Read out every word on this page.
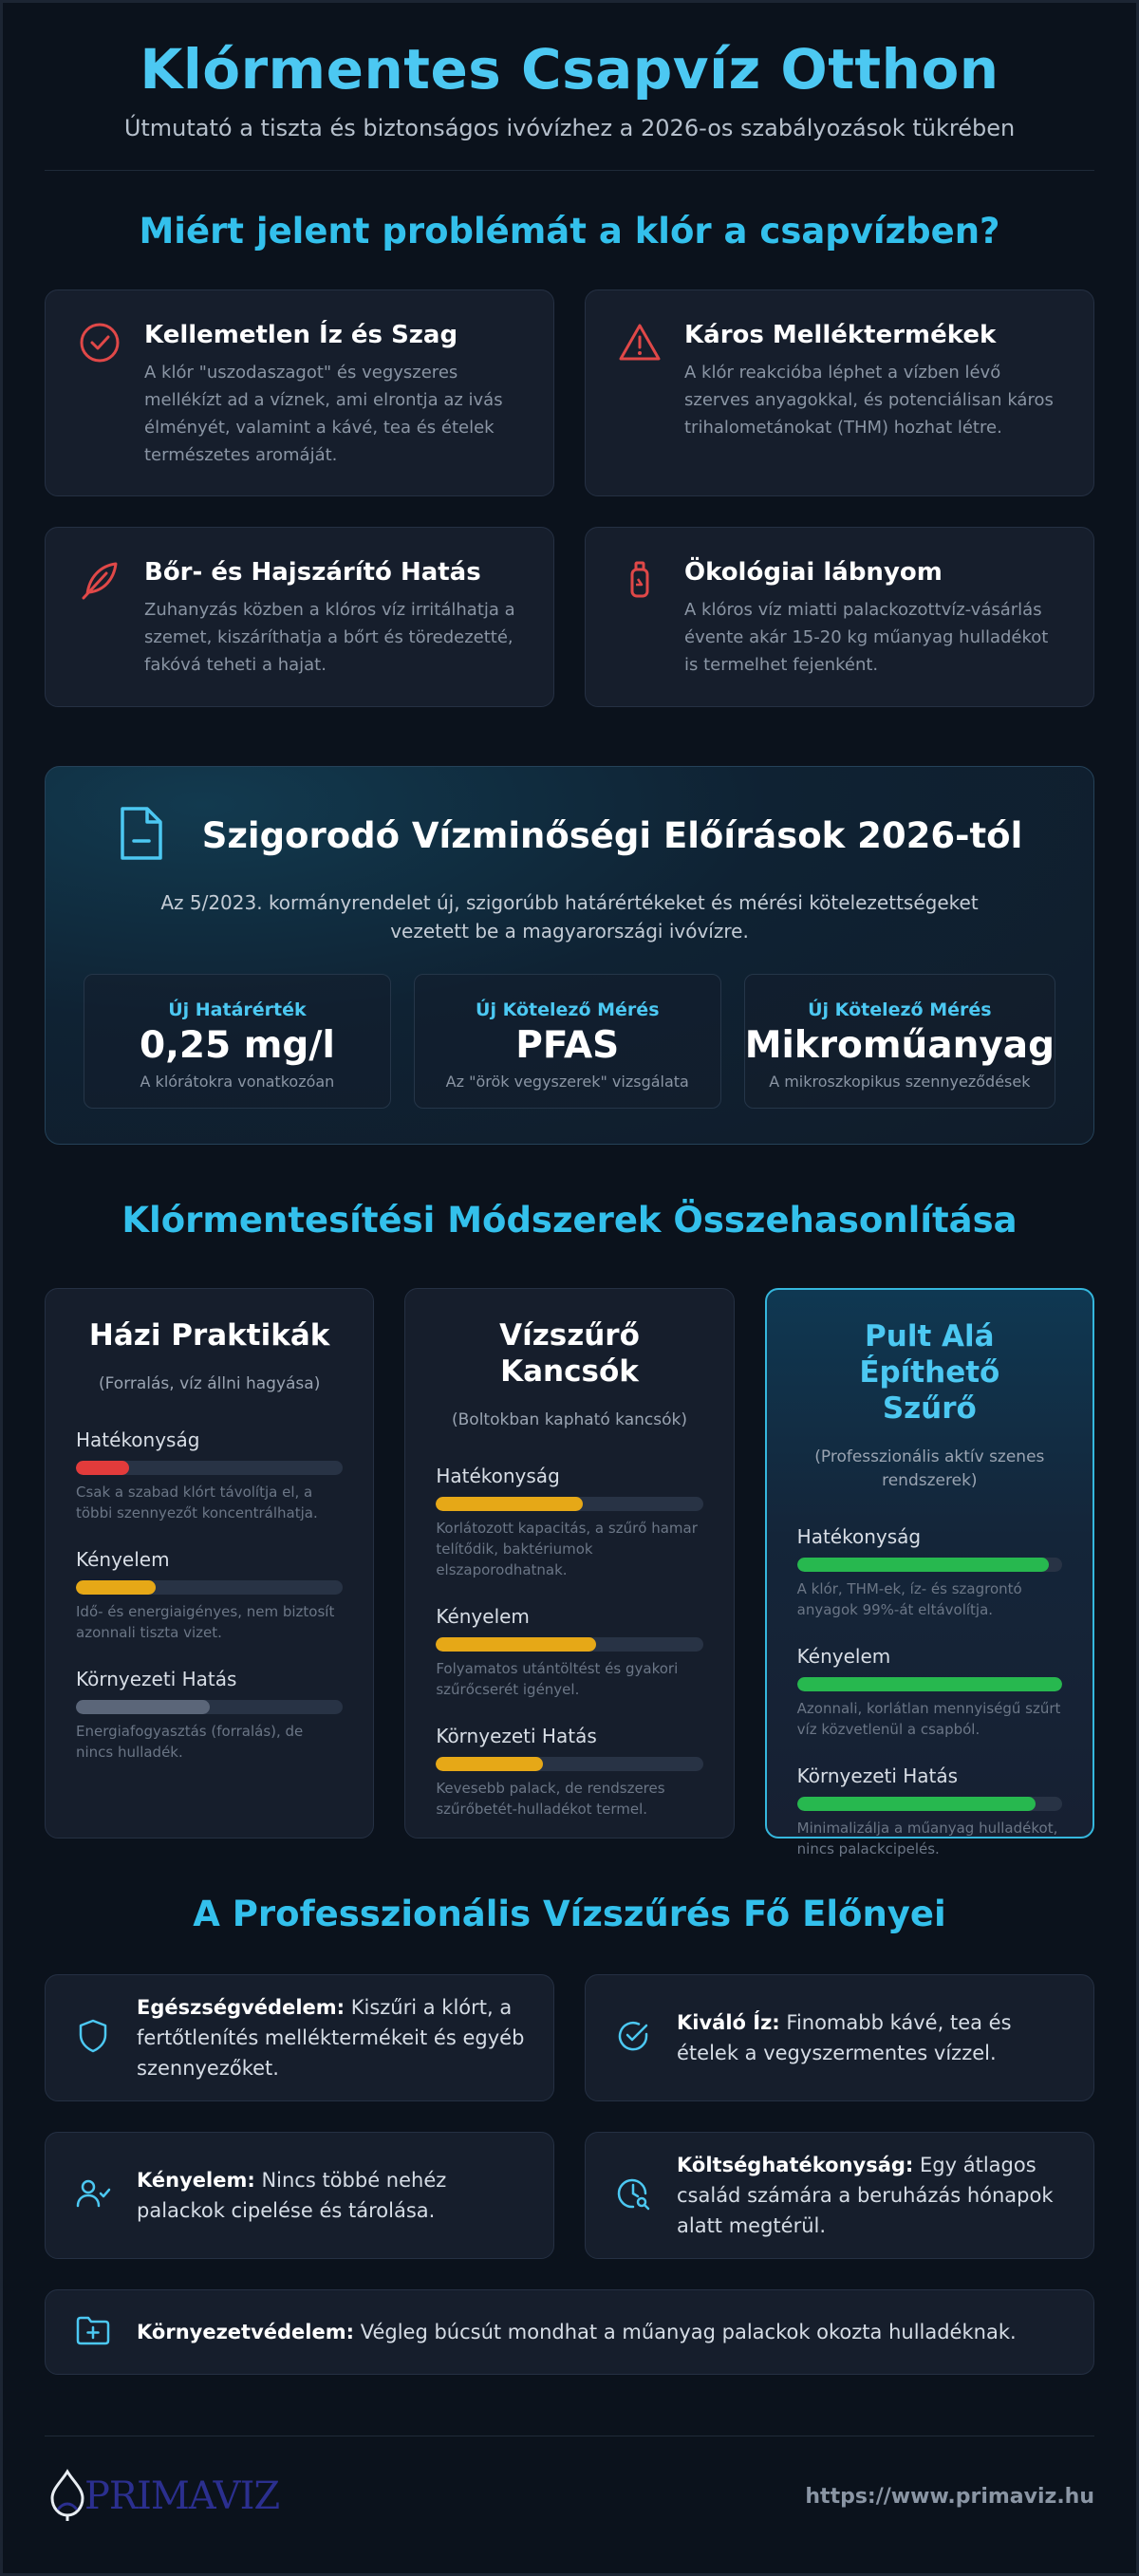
Klórmentes Csapvíz Otthon

Útmutató a tiszta és biztonságos ivóvízhez a 2026-os szabályozások tükrében

Miért jelent problémát a klór a csapvízben?
Kellemetlen Íz és Szag

A klór "uszodaszagot" és vegyszeres mellékízt ad a víznek, ami elrontja az ivás élményét, valamint a kávé, tea és ételek természetes aromáját.

Káros Melléktermékek

A klór reakcióba léphet a vízben lévő szerves anyagokkal, és potenciálisan káros trihalometánokat (THM) hozhat létre.

Bőr- és Hajszárító Hatás

Zuhanyzás közben a klóros víz irritálhatja a szemet, kiszáríthatja a bőrt és töredezetté, fakóvá teheti a hajat.

Ökológiai lábnyom

A klóros víz miatti palackozottvíz-vásárlás évente akár 15-20 kg műanyag hulladékot is termelhet fejenként.

Szigorodó Vízminőségi Előírások 2026-tól

Az 5/2023. kormányrendelet új, szigorúbb határértékeket és mérési kötelezettségeket vezetett be a magyarországi ivóvízre.

Új Határérték
0,25 mg/l
A klórátokra vonatkozóan
Új Kötelező Mérés
PFAS
Az "örök vegyszerek" vizsgálata
Új Kötelező Mérés
Mikroműanyag
A mikroszkopikus szennyeződések
Klórmentesítési Módszerek Összehasonlítása
Házi Praktikák

(Forralás, víz állni hagyása)

Hatékonyság
Csak a szabad klórt távolítja el, a többi szennyezőt koncentrálhatja.
Kényelem
Idő- és energiaigényes, nem biztosít azonnali tiszta vizet.
Környezeti Hatás
Energiafogyasztás (forralás), de nincs hulladék.
Vízszűrő Kancsók

(Boltokban kapható kancsók)

Hatékonyság
Korlátozott kapacitás, a szűrő hamar telítődik, baktériumok elszaporodhatnak.
Kényelem
Folyamatos utántöltést és gyakori szűrőcserét igényel.
Környezeti Hatás
Kevesebb palack, de rendszeres szűrőbetét-hulladékot termel.
Pult Alá Építhető Szűrő

(Professzionális aktív szenes rendszerek)

Hatékonyság
A klór, THM-ek, íz- és szagrontó anyagok 99%-át eltávolítja.
Kényelem
Azonnali, korlátlan mennyiségű szűrt víz közvetlenül a csapból.
Környezeti Hatás
Minimalizálja a műanyag hulladékot, nincs palackcipelés.
A Professzionális Vízszűrés Fő Előnyei

Egészségvédelem: Kiszűri a klórt, a fertőtlenítés melléktermékeit és egyéb szennyezőket.

Kiváló Íz: Finomabb kávé, tea és ételek a vegyszermentes vízzel.

Kényelem: Nincs többé nehéz palackok cipelése és tárolása.

Költséghatékonyság: Egy átlagos család számára a beruházás hónapok alatt megtérül.

Környezetvédelem: Végleg búcsút mondhat a műanyag palackok okozta hulladéknak.

PRIMAVIZ	https://www.primaviz.hu
